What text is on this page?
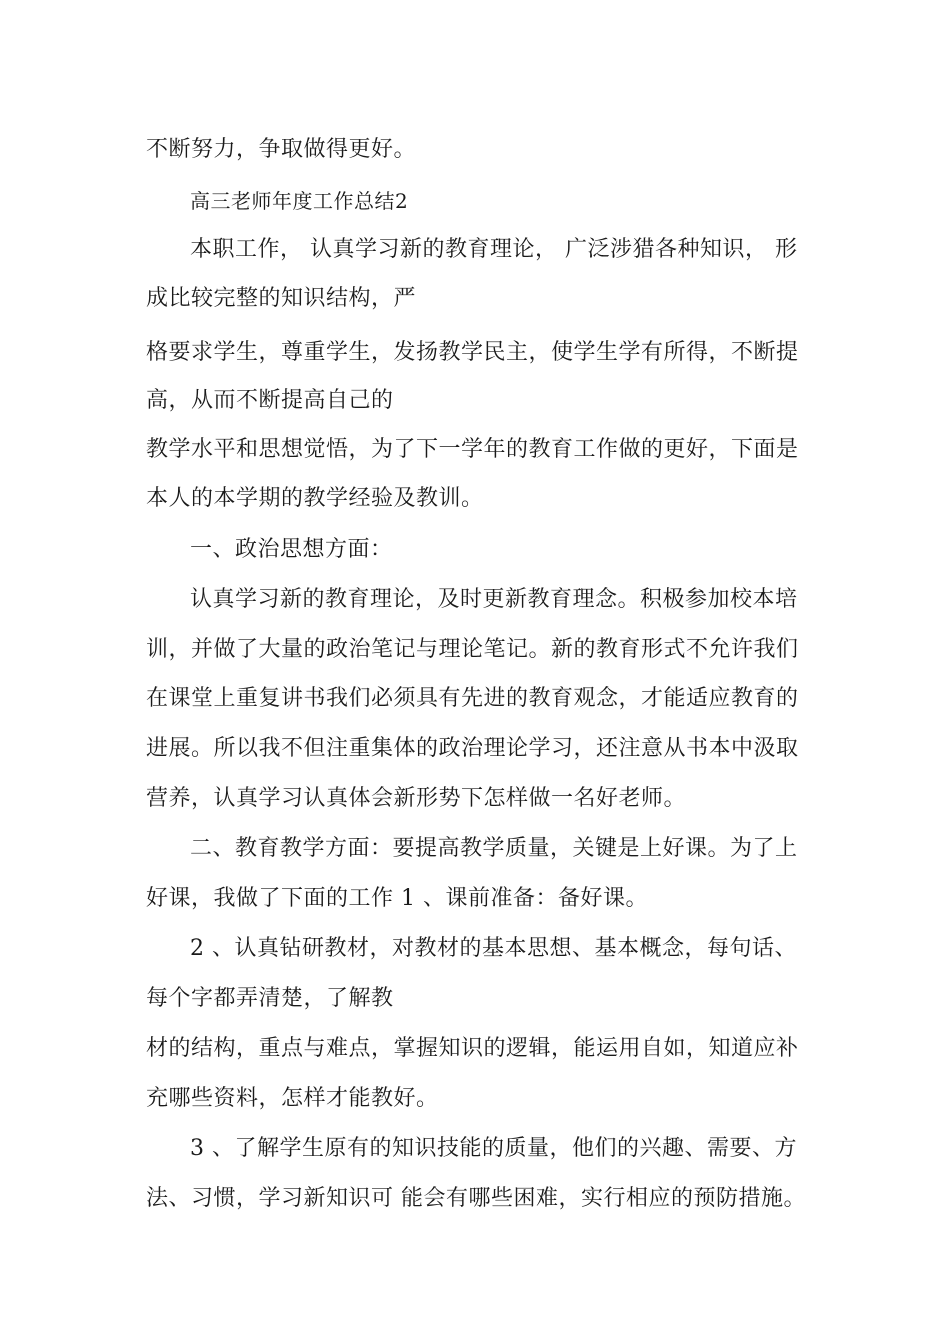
不断努力，争取做得更好。
高三老师年度工作总结2
本职工作， 认真学习新的教育理论， 广泛涉猎各种知识， 形
成比较完整的知识结构，严
格要求学生，尊重学生，发扬教学民主，使学生学有所得，不断提
高，从而不断提高自己的
教学水平和思想觉悟，为了下一学年的教育工作做的更好，下面是
本人的本学期的教学经验及教训。
一、政治思想方面：
认真学习新的教育理论，及时更新教育理念。积极参加校本培
训，并做了大量的政治笔记与理论笔记。新的教育形式不允许我们
在课堂上重复讲书我们必须具有先进的教育观念，才能适应教育的
进展。所以我不但注重集体的政治理论学习，还注意从书本中汲取
营养，认真学习认真体会新形势下怎样做一名好老师。
二、教育教学方面：要提高教学质量，关键是上好课。为了上
好课，我做了下面的工作 1 、课前准备：备好课。
2 、认真钻研教材，对教材的基本思想、基本概念，每句话、
每个字都弄清楚，了解教
材的结构，重点与难点，掌握知识的逻辑，能运用自如，知道应补
充哪些资料，怎样才能教好。
3 、了解学生原有的知识技能的质量，他们的兴趣、需要、方
法、习惯，学习新知识可 能会有哪些困难，实行相应的预防措施。
